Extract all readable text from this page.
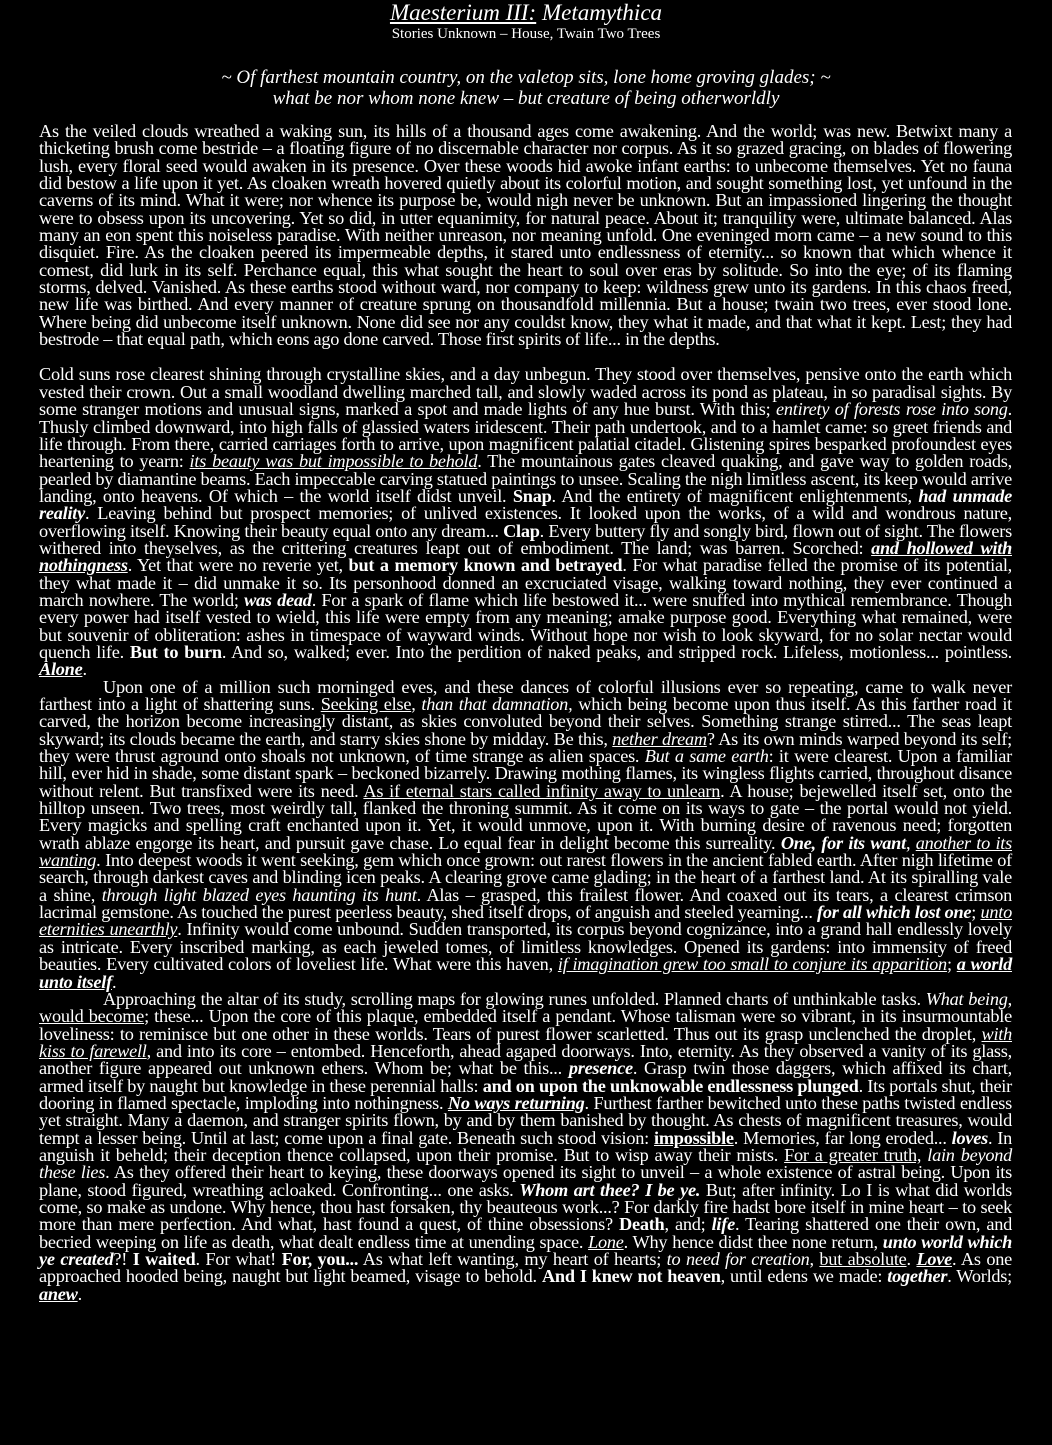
Maesterium III: Metamythica
Stories Unknown – House, Twain Two Trees
~ Of farthest mountain country, on the valetop sits, lone home groving glades; ~
what be nor whom none knew – but creature of being otherworldly

As the veiled clouds wreathed a waking sun, its hills of a thousand ages come awakening. And the world; was new. Betwixt many a thicketing brush come bestride – a floating figure of no discernable character nor corpus. As it so grazed gracing, on blades of flowering lush, every floral seed would awaken in its presence. Over these woods hid awoke infant earths: to unbecome themselves. Yet no fauna did bestow a life upon it yet. As cloaken wreath hovered quietly about its colorful motion, and sought something lost, yet unfound in the caverns of its mind. What it were; nor whence its purpose be, would nigh never be unknown. But an impassioned lingering the thought were to obsess upon its uncovering. Yet so did, in utter equanimity, for natural peace. About it; tranquility were, ultimate balanced. Alas many an eon spent this noiseless paradise. With neither unreason, nor meaning unfold. One eveninged morn came – a new sound to this disquiet. Fire. As the cloaken peered its impermeable depths, it stared unto endlessness of eternity... so known that which whence it comest, did lurk in its self. Perchance equal, this what sought the heart to soul over eras by solitude. So into the eye; of its flaming storms, delved. Vanished. As these earths stood without ward, nor company to keep: wildness grew unto its gardens. In this chaos freed, new life was birthed. And every manner of creature sprung on thousandfold millennia. But a house; twain two trees, ever stood lone. Where being did unbecome itself unknown. None did see nor any couldst know, they what it made, and that what it kept. Lest; they had bestrode – that equal path, which eons ago done carved. Those first spirits of life... in the depths.

Cold suns rose clearest shining through crystalline skies, and a day unbegun. They stood over themselves, pensive onto the earth which vested their crown. Out a small woodland dwelling marched tall, and slowly waded across its pond as plateau, in so paradisal sights. By some stranger motions and unusual signs, marked a spot and made lights of any hue burst. With this; entirety of forests rose into song. Thusly climbed downward, into high falls of glassied waters iridescent. Their path undertook, and to a hamlet came: so greet friends and life through. From there, carried carriages forth to arrive, upon magnificent palatial citadel. Glistening spires besparked profoundest eyes heartening to yearn: its beauty was but impossible to behold. The mountainous gates cleaved quaking, and gave way to golden roads, pearled by diamantine beams. Each impeccable carving statued paintings to unsee. Scaling the nigh limitless ascent, its keep would arrive landing, onto heavens. Of which – the world itself didst unveil. Snap. And the entirety of magnificent enlightenments, had unmade reality. Leaving behind but prospect memories; of unlived existences. It looked upon the works, of a wild and wondrous nature, overflowing itself. Knowing their beauty equal onto any dream... Clap. Every buttery fly and songly bird, flown out of sight. The flowers withered into theyselves, as the crittering creatures leapt out of embodiment. The land; was barren. Scorched: and hollowed with nothingness. Yet that were no reverie yet, but a memory known and betrayed. For what paradise felled the promise of its potential, they what made it – did unmake it so. Its personhood donned an excruciated visage, walking toward nothing, they ever continued a march nowhere. The world; was dead. For a spark of flame which life bestowed it... were snuffed into mythical remembrance. Though every power had itself vested to wield, this life were empty from any meaning; amake purpose good. Everything what remained, were but souvenir of obliteration: ashes in timespace of wayward winds. Without hope nor wish to look skyward, for no solar nectar would quench life. But to burn. And so, walked; ever. Into the perdition of naked peaks, and stripped rock. Lifeless, motionless... pointless. Alone.

Upon one of a million such morninged eves, and these dances of colorful illusions ever so repeating, came to walk never farthest into a light of shattering suns. Seeking else, than that damnation, which being become upon thus itself. As this farther road it carved, the horizon become increasingly distant, as skies convoluted beyond their selves. Something strange stirred... The seas leapt skyward; its clouds became the earth, and starry skies shone by midday. Be this, nether dream? As its own minds warped beyond its self; they were thrust aground onto shoals not unknown, of time strange as alien spaces. But a same earth: it were clearest. Upon a familiar hill, ever hid in shade, some distant spark – beckoned bizarrely. Drawing mothing flames, its wingless flights carried, throughout disance without relent. But transfixed were its need. As if eternal stars called infinity away to unlearn. A house; bejewelled itself set, onto the hilltop unseen. Two trees, most weirdly tall, flanked the throning summit. As it come on its ways to gate – the portal would not yield. Every magicks and spelling craft enchanted upon it. Yet, it would unmove, upon it. With burning desire of ravenous need; forgotten wrath ablaze engorge its heart, and pursuit gave chase. Lo equal fear in delight become this surreality. One, for its want, another to its wanting. Into deepest woods it went seeking, gem which once grown: out rarest flowers in the ancient fabled earth. After nigh lifetime of search, through darkest caves and blinding icen peaks. A clearing grove came glading; in the heart of a farthest land. At its spiralling vale a shine, through light blazed eyes haunting its hunt. Alas – grasped, this frailest flower. And coaxed out its tears, a clearest crimson lacrimal gemstone. As touched the purest peerless beauty, shed itself drops, of anguish and steeled yearning... for all which lost one; unto eternities unearthly. Infinity would come unbound. Sudden transported, its corpus beyond cognizance, into a grand hall endlessly lovely as intricate. Every inscribed marking, as each jeweled tomes, of limitless knowledges. Opened its gardens: into immensity of freed beauties. Every cultivated colors of loveliest life. What were this haven, if imagination grew too small to conjure its apparition; a world unto itself.

Approaching the altar of its study, scrolling maps for glowing runes unfolded. Planned charts of unthinkable tasks. What being, would become; these... Upon the core of this plaque, embedded itself a pendant. Whose talisman were so vibrant, in its insurmountable loveliness: to reminisce but one other in these worlds. Tears of purest flower scarletted. Thus out its grasp unclenched the droplet, with kiss to farewell, and into its core – entombed. Henceforth, ahead agaped doorways. Into, eternity. As they observed a vanity of its glass, another figure appeared out unknown ethers. Whom be; what be this... presence. Grasp twin those daggers, which affixed its chart, armed itself by naught but knowledge in these perennial halls: and on upon the unknowable endlessness plunged. Its portals shut, their dooring in flamed spectacle, imploding into nothingness. No ways returning. Furthest farther bewitched unto these paths twisted endless yet straight. Many a daemon, and stranger spirits flown, by and by them banished by thought. As chests of magnificent treasures, would tempt a lesser being. Until at last; come upon a final gate. Beneath such stood vision: impossible. Memories, far long eroded... loves. In anguish it beheld; their deception thence collapsed, upon their promise. But to wisp away their mists. For a greater truth, lain beyond these lies. As they offered their heart to keying, these doorways opened its sight to unveil – a whole existence of astral being. Upon its plane, stood figured, wreathing acloaked. Confronting... one asks. Whom art thee? I be ye. But; after infinity. Lo I is what did worlds come, so make as undone. Why hence, thou hast forsaken, thy beauteous work...? For darkly fire hadst bore itself in mine heart – to seek more than mere perfection. And what, hast found a quest, of thine obsessions? Death, and; life. Tearing shattered one their own, and becried weeping on life as death, what dealt endless time at unending space. Lone. Why hence didst thee none return, unto world which ye created?! I waited. For what! For, you... As what left wanting, my heart of hearts; to need for creation, but absolute. Love. As one approached hooded being, naught but light beamed, visage to behold. And I knew not heaven, until edens we made: together. Worlds; anew.
